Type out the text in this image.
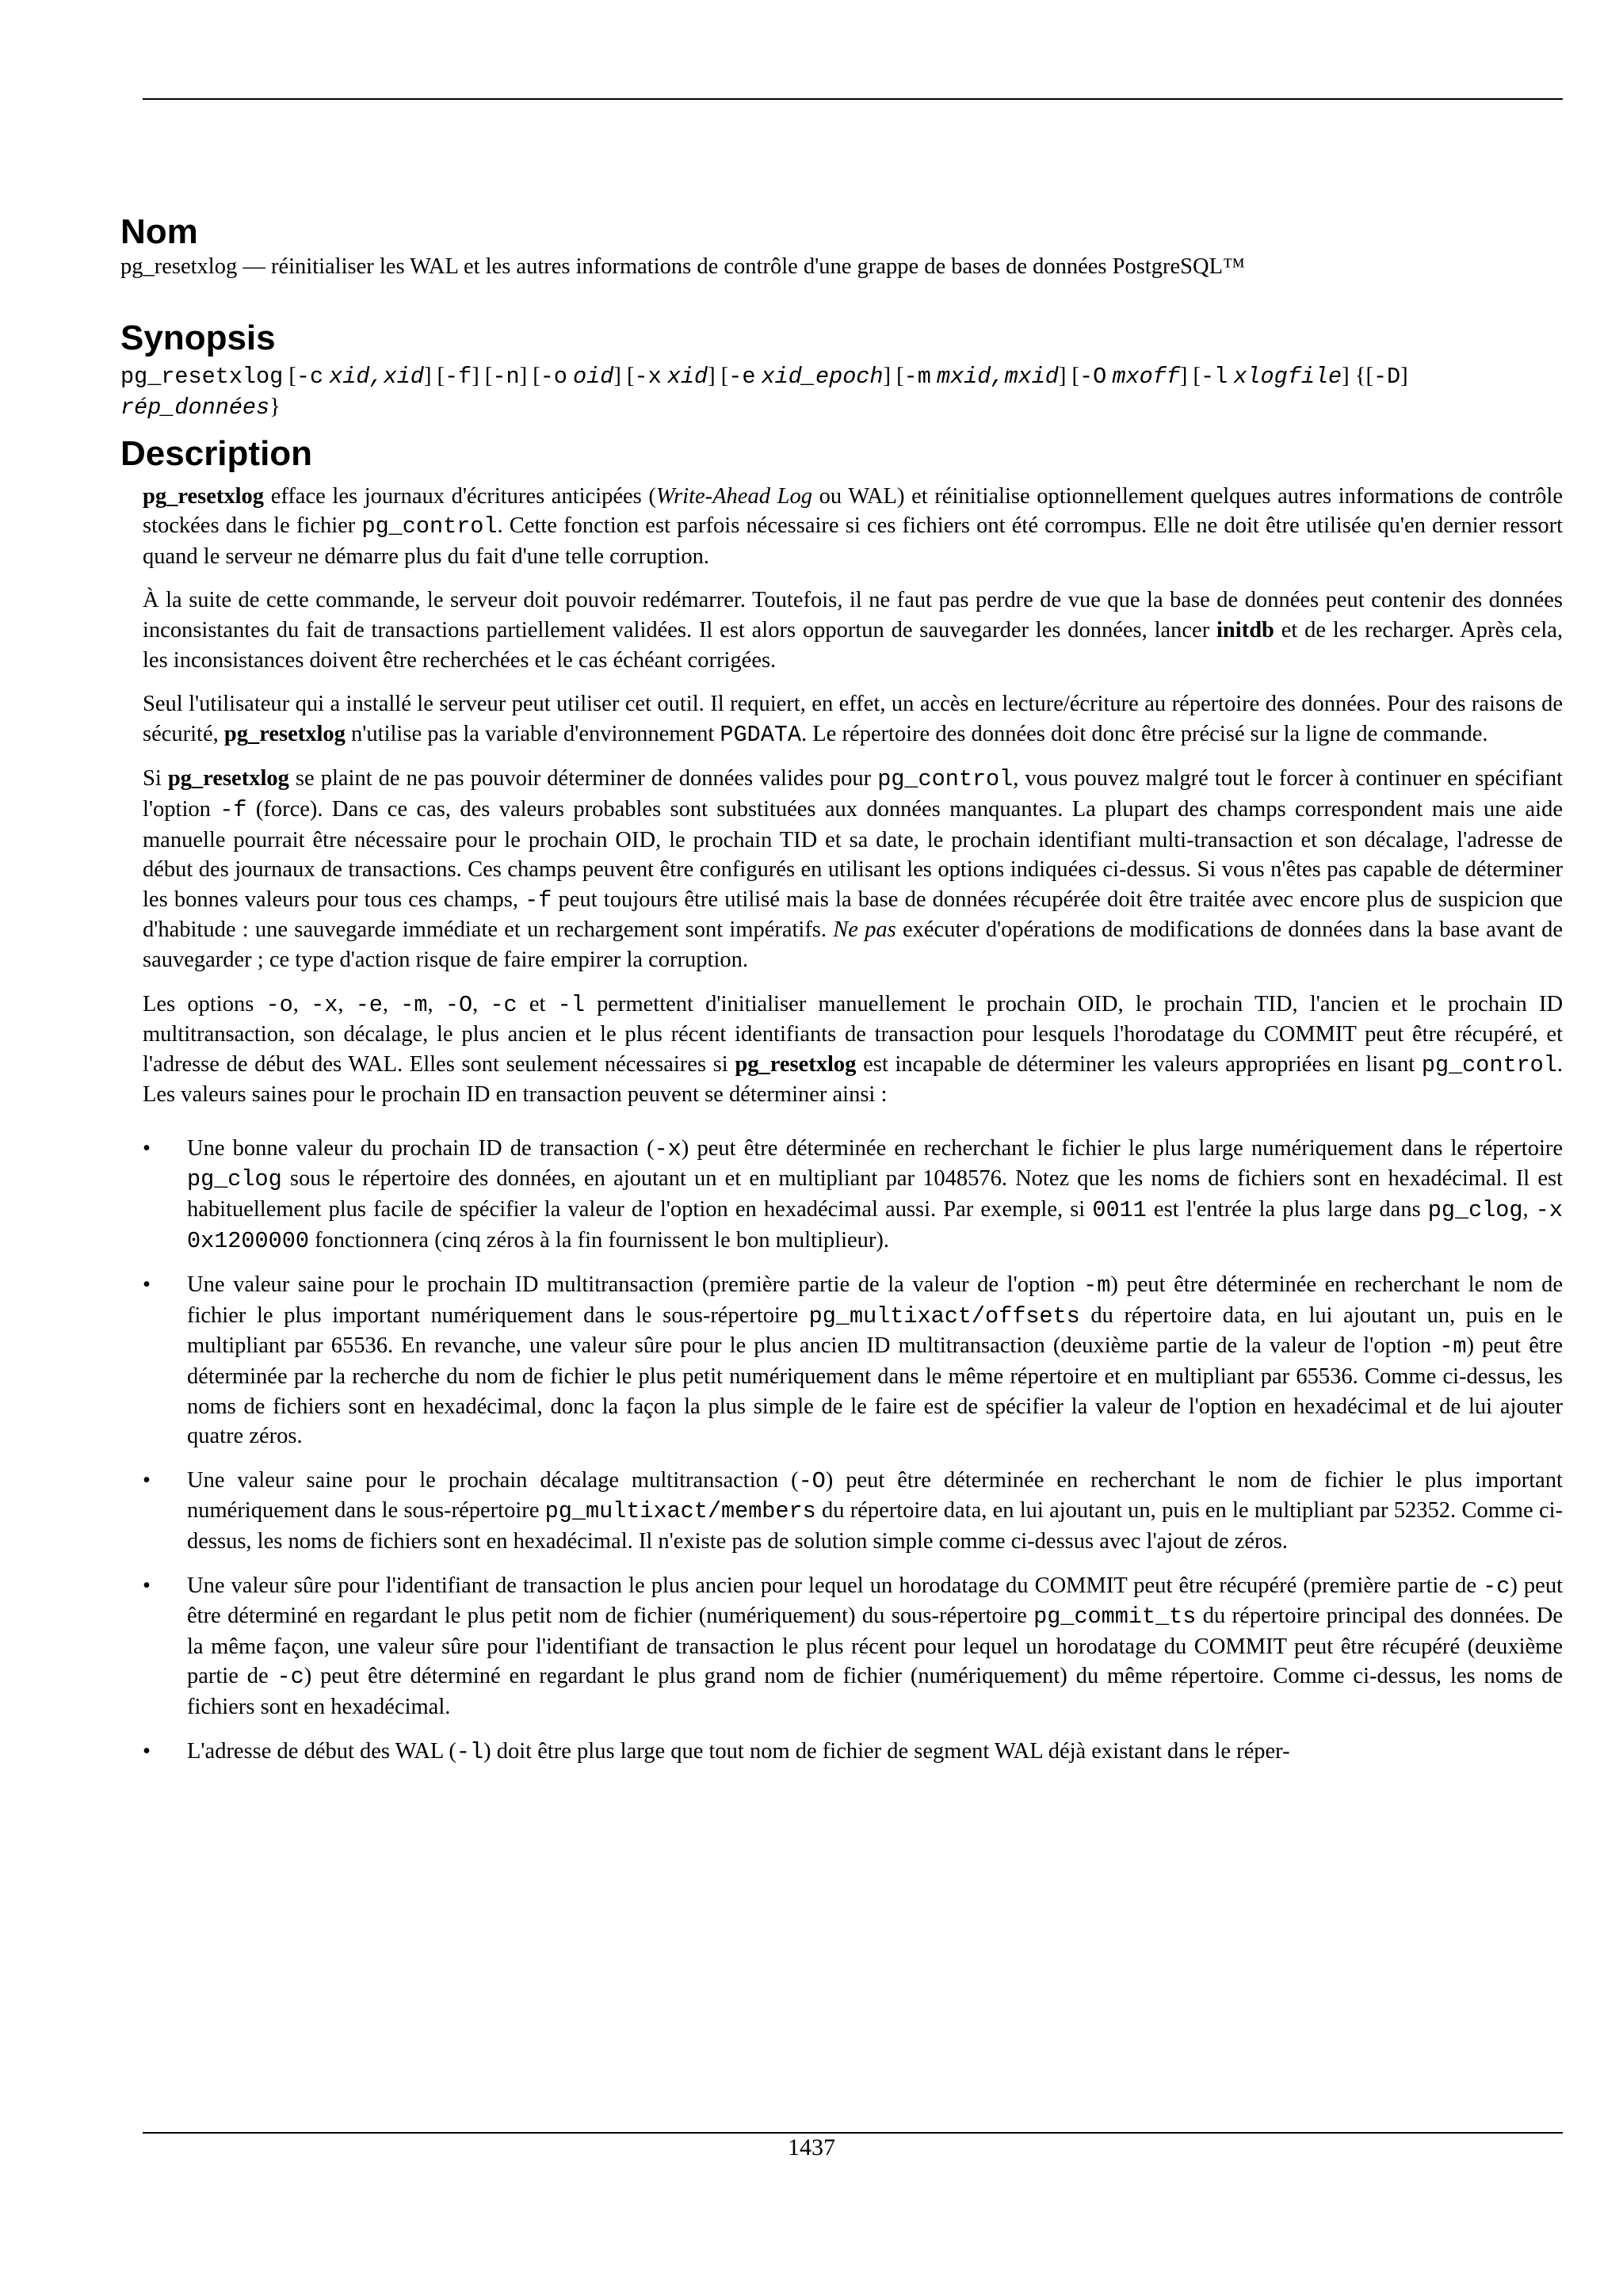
Nom

pg_resetxlog — réinitialiser les WAL et les autres informations de contrôle d'une grappe de bases de données PostgreSQL™

Synopsis

pg_resetxlog [-c xid,xid] [-f] [-n] [-o oid] [-x xid] [-e xid_epoch] [-m mxid,mxid] [-O mxoff] [-l xlogfile] {[-D] rép_données}

Description

pg_resetxlog efface les journaux d'écritures anticipées (Write-Ahead Log ou WAL) et réinitialise optionnellement quelques autres informations de contrôle stockées dans le fichier pg_control. Cette fonction est parfois nécessaire si ces fichiers ont été corrompus. Elle ne doit être utilisée qu'en dernier ressort quand le serveur ne démarre plus du fait d'une telle corruption.

À la suite de cette commande, le serveur doit pouvoir redémarrer. Toutefois, il ne faut pas perdre de vue que la base de données peut contenir des données inconsistantes du fait de transactions partiellement validées. Il est alors opportun de sauvegarder les données, lancer initdb et de les recharger. Après cela, les inconsistances doivent être recherchées et le cas échéant corrigées.

Seul l'utilisateur qui a installé le serveur peut utiliser cet outil. Il requiert, en effet, un accès en lecture/écriture au répertoire des données. Pour des raisons de sécurité, pg_resetxlog n'utilise pas la variable d'environnement PGDATA. Le répertoire des données doit donc être précisé sur la ligne de commande.

Si pg_resetxlog se plaint de ne pas pouvoir déterminer de données valides pour pg_control, vous pouvez malgré tout le forcer à continuer en spécifiant l'option -f (force). Dans ce cas, des valeurs probables sont substituées aux données manquantes. La plupart des champs correspondent mais une aide manuelle pourrait être nécessaire pour le prochain OID, le prochain TID et sa date, le prochain identifiant multi-transaction et son décalage, l'adresse de début des journaux de transactions. Ces champs peuvent être configurés en utilisant les options indiquées ci-dessus. Si vous n'êtes pas capable de déterminer les bonnes valeurs pour tous ces champs, -f peut toujours être utilisé mais la base de données récupérée doit être traitée avec encore plus de suspicion que d'habitude : une sauvegarde immédiate et un rechargement sont impératifs. Ne pas exécuter d'opérations de modifications de données dans la base avant de sauvegarder ; ce type d'action risque de faire empirer la corruption.

Les options -o, -x, -e, -m, -O, -c et -l permettent d'initialiser manuellement le prochain OID, le prochain TID, l'ancien et le prochain ID multitransaction, son décalage, le plus ancien et le plus récent identifiants de transaction pour lesquels l'horodatage du COMMIT peut être récupéré, et l'adresse de début des WAL. Elles sont seulement nécessaires si pg_resetxlog est incapable de déterminer les valeurs appropriées en lisant pg_control. Les valeurs saines pour le prochain ID en transaction peuvent se déterminer ainsi :

• Une bonne valeur du prochain ID de transaction (-x) peut être déterminée en recherchant le fichier le plus large numériquement dans le répertoire pg_clog sous le répertoire des données, en ajoutant un et en multipliant par 1048576. Notez que les noms de fichiers sont en hexadécimal. Il est habituellement plus facile de spécifier la valeur de l'option en hexadécimal aussi. Par exemple, si 0011 est l'entrée la plus large dans pg_clog, -x 0x1200000 fonctionnera (cinq zéros à la fin fournissent le bon multiplieur).
• Une valeur saine pour le prochain ID multitransaction (première partie de la valeur de l'option -m) peut être déterminée en recherchant le nom de fichier le plus important numériquement dans le sous-répertoire pg_multixact/offsets du répertoire data, en lui ajoutant un, puis en le multipliant par 65536. En revanche, une valeur sûre pour le plus ancien ID multitransaction (deuxième partie de la valeur de l'option -m) peut être déterminée par la recherche du nom de fichier le plus petit numériquement dans le même répertoire et en multipliant par 65536. Comme ci-dessus, les noms de fichiers sont en hexadécimal, donc la façon la plus simple de le faire est de spécifier la valeur de l'option en hexadécimal et de lui ajouter quatre zéros.
• Une valeur saine pour le prochain décalage multitransaction (-O) peut être déterminée en recherchant le nom de fichier le plus important numériquement dans le sous-répertoire pg_multixact/members du répertoire data, en lui ajoutant un, puis en le multipliant par 52352. Comme ci-dessus, les noms de fichiers sont en hexadécimal. Il n'existe pas de solution simple comme ci-dessus avec l'ajout de zéros.
• Une valeur sûre pour l'identifiant de transaction le plus ancien pour lequel un horodatage du COMMIT peut être récupéré (première partie de -c) peut être déterminé en regardant le plus petit nom de fichier (numériquement) du sous-répertoire pg_commit_ts du répertoire principal des données. De la même façon, une valeur sûre pour l'identifiant de transaction le plus récent pour lequel un horodatage du COMMIT peut être récupéré (deuxième partie de -c) peut être déterminé en regardant le plus grand nom de fichier (numériquement) du même répertoire. Comme ci-dessus, les noms de fichiers sont en hexadécimal.
• L'adresse de début des WAL (-l) doit être plus large que tout nom de fichier de segment WAL déjà existant dans le réper-
1437
